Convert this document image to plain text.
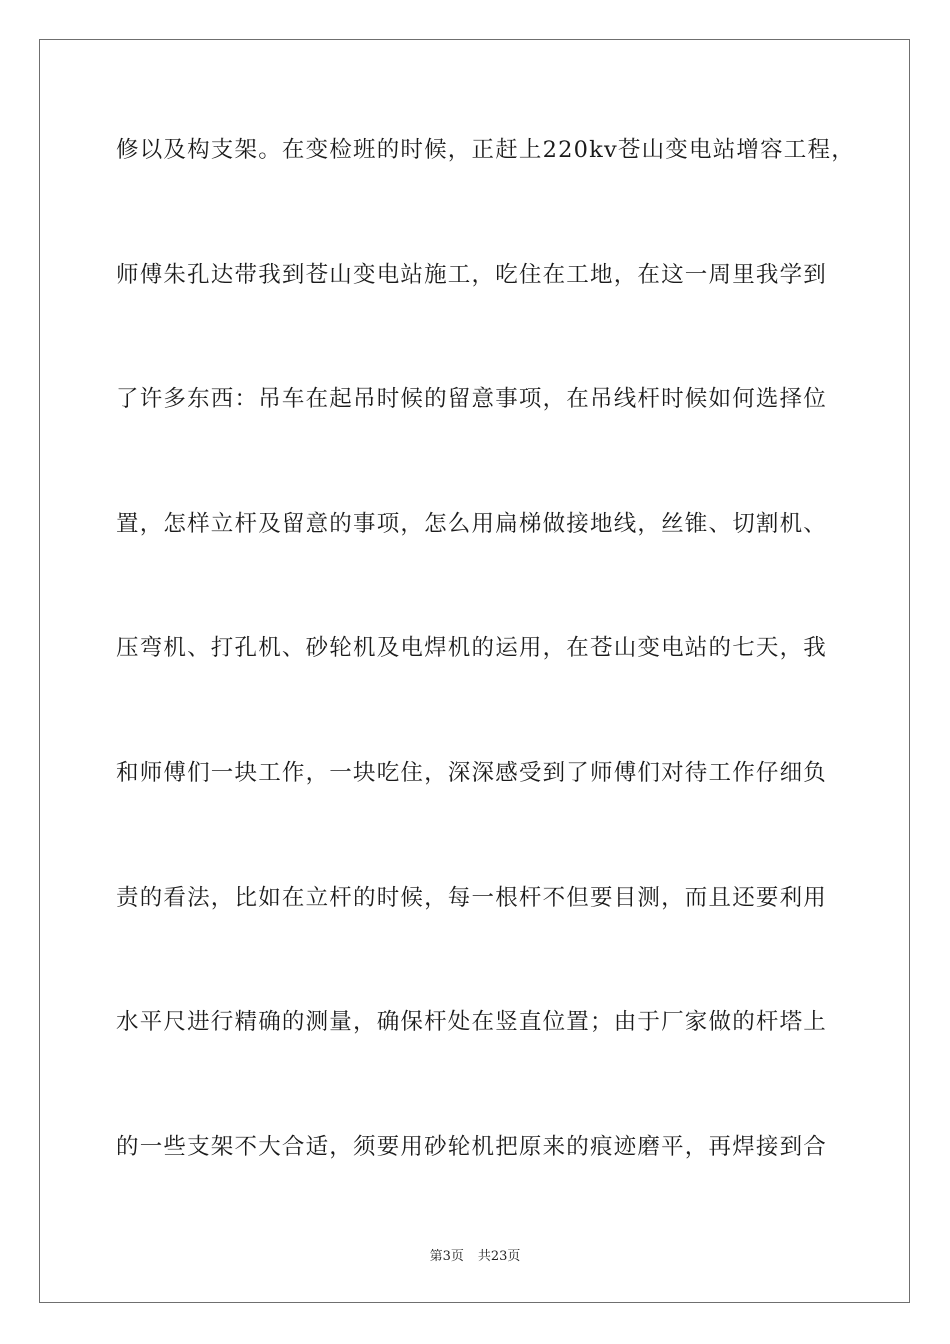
修以及构支架。在变检班的时候，正赶上220kv苍山变电站增容工程，
师傅朱孔达带我到苍山变电站施工，吃住在工地，在这一周里我学到
了许多东西：吊车在起吊时候的留意事项，在吊线杆时候如何选择位
置，怎样立杆及留意的事项，怎么用扁梯做接地线，丝锥、切割机、
压弯机、打孔机、砂轮机及电焊机的运用，在苍山变电站的七天，我
和师傅们一块工作，一块吃住，深深感受到了师傅们对待工作仔细负
责的看法，比如在立杆的时候，每一根杆不但要目测，而且还要利用
水平尺进行精确的测量，确保杆处在竖直位置；由于厂家做的杆塔上
的一些支架不大合适，须要用砂轮机把原来的痕迹磨平，再焊接到合
第3页 共23页
